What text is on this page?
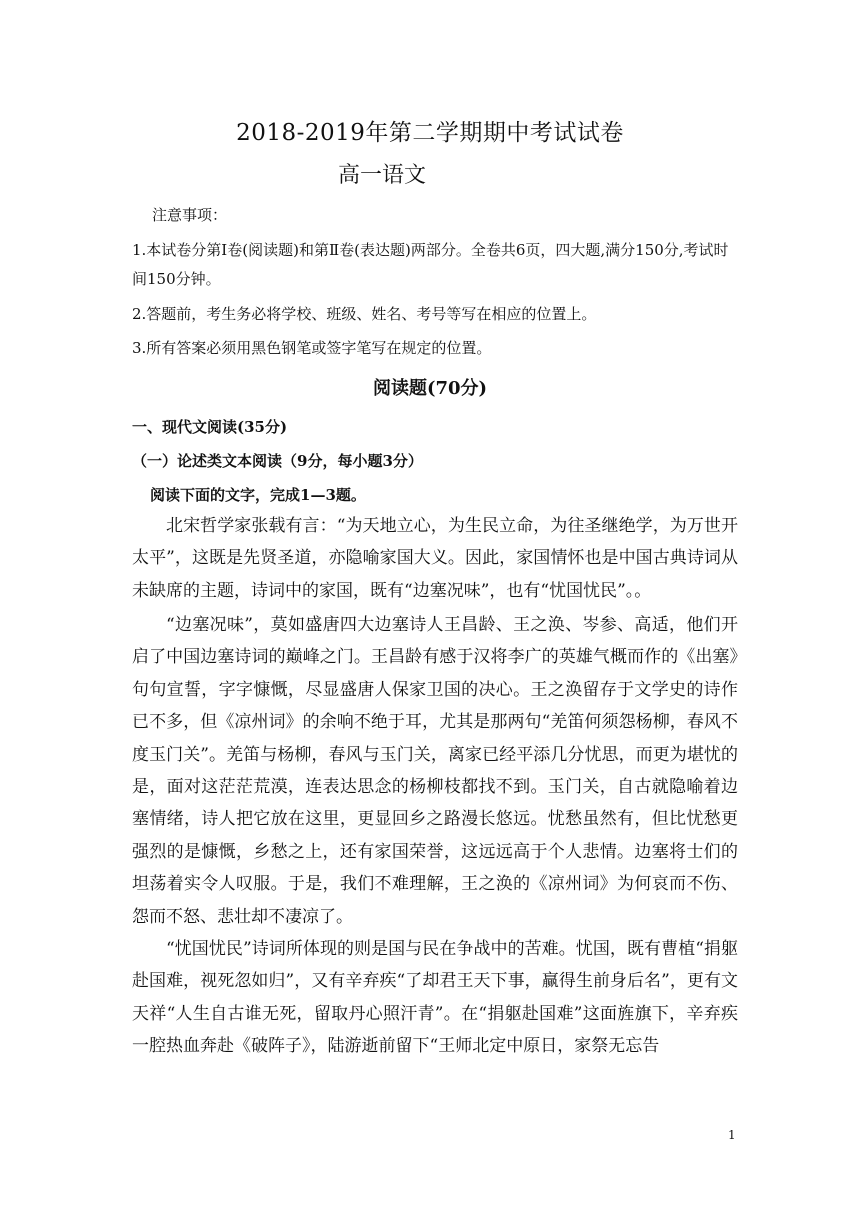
2018-2019年第二学期期中考试试卷
高一语文
注意事项：
1.本试卷分第Ⅰ卷(阅读题)和第Ⅱ卷(表达题)两部分。全卷共6页，四大题,满分150分,考试时间150分钟。
2.答题前，考生务必将学校、班级、姓名、考号等写在相应的位置上。
3.所有答案必须用黑色钢笔或签字笔写在规定的位置。
阅读题(70分)
一、现代文阅读(35分)
（一）论述类文本阅读（9分，每小题3分）
阅读下面的文字，完成1—3题。
北宋哲学家张载有言：“为天地立心，为生民立命，为往圣继绝学，为万世开太平”，这既是先贤圣道，亦隐喻家国大义。因此，家国情怀也是中国古典诗词从未缺席的主题，诗词中的家国，既有“边塞况味”，也有“忧国忧民”。。
“边塞况味”，莫如盛唐四大边塞诗人王昌龄、王之涣、岑参、高适，他们开启了中国边塞诗词的巅峰之门。王昌龄有感于汉将李广的英雄气概而作的《出塞》句句宣誓，字字慷慨，尽显盛唐人保家卫国的决心。王之涣留存于文学史的诗作已不多，但《凉州词》的余响不绝于耳，尤其是那两句“羌笛何须怨杨柳，春风不度玉门关”。羌笛与杨柳，春风与玉门关，离家已经平添几分忧思，而更为堪忧的是，面对这茫茫荒漠，连表达思念的杨柳枝都找不到。玉门关，自古就隐喻着边塞情绪，诗人把它放在这里，更显回乡之路漫长悠远。忧愁虽然有，但比忧愁更强烈的是慷慨，乡愁之上，还有家国荣誉，这远远高于个人悲情。边塞将士们的坦荡着实令人叹服。于是，我们不难理解，王之涣的《凉州词》为何哀而不伤、怨而不怒、悲壮却不凄凉了。
“忧国忧民”诗词所体现的则是国与民在争战中的苦难。忧国，既有曹植“捐躯赴国难，视死忽如归”，又有辛弃疾“了却君王天下事，赢得生前身后名”，更有文天祥“人生自古谁无死，留取丹心照汗青”。在“捐躯赴国难”这面旌旗下，辛弃疾一腔热血奔赴《破阵子》，陆游逝前留下“王师北定中原日，家祭无忘告
1
